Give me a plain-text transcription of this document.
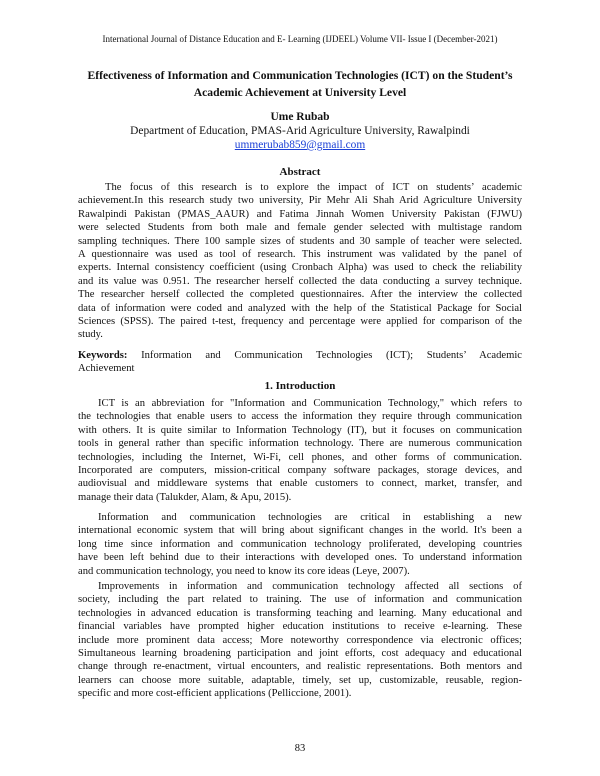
International Journal of Distance Education and E- Learning (IJDEEL) Volume VII- Issue I (December-2021)
Effectiveness of Information and Communication Technologies (ICT) on the Student’s
Academic Achievement at University Level
Ume Rubab
Department of Education, PMAS-Arid Agriculture University, Rawalpindi
ummerubab859@gmail.com
Abstract
The focus of this research is to explore the impact of ICT on students’ academic
achievement.In this research study two university, Pir Mehr Ali Shah Arid Agriculture University
Rawalpindi Pakistan (PMAS_AAUR) and Fatima Jinnah Women University Pakistan (FJWU)
were selected Students from both male and female gender selected with multistage random
sampling techniques. There 100 sample sizes of students and 30 sample of teacher were selected.
A questionnaire was used as tool of research. This instrument was validated by the panel of
experts. Internal consistency coefficient (using Cronbach Alpha) was used to check the reliability
and its value was 0.951. The researcher herself collected the data conducting a survey technique.
The researcher herself collected the completed questionnaires. After the interview the collected
data of information were coded and analyzed with the help of the Statistical Package for Social
Sciences (SPSS). The paired t-test, frequency and percentage were applied for comparison of the
study.
Keywords: Information and Communication Technologies (ICT); Students’ Academic
Achievement
1. Introduction
ICT is an abbreviation for "Information and Communication Technology," which refers to
the technologies that enable users to access the information they require through communication
with others. It is quite similar to Information Technology (IT), but it focuses on communication
tools in general rather than specific information technology. There are numerous communication
technologies, including the Internet, Wi-Fi, cell phones, and other forms of communication.
Incorporated are computers, mission-critical company software packages, storage devices, and
audiovisual and middleware systems that enable customers to connect, market, transfer, and
manage their data (Talukder, Alam, & Apu, 2015).
Information and communication technologies are critical in establishing a new
international economic system that will bring about significant changes in the world. It's been a
long time since information and communication technology proliferated, developing countries
have been left behind due to their interactions with developed ones. To understand information
and communication technology, you need to know its core ideas (Leye, 2007).
Improvements in information and communication technology affected all sections of
society, including the part related to training. The use of information and communication
technologies in advanced education is transforming teaching and learning. Many educational and
financial variables have prompted higher education institutions to receive e-learning. These
include more prominent data access; More noteworthy correspondence via electronic offices;
Simultaneous learning broadening participation and joint efforts, cost adequacy and educational
change through re-enactment, virtual encounters, and realistic representations. Both mentors and
learners can choose more suitable, adaptable, timely, set up, customizable, reusable, region-
specific and more cost-efficient applications (Pelliccione, 2001).
83
